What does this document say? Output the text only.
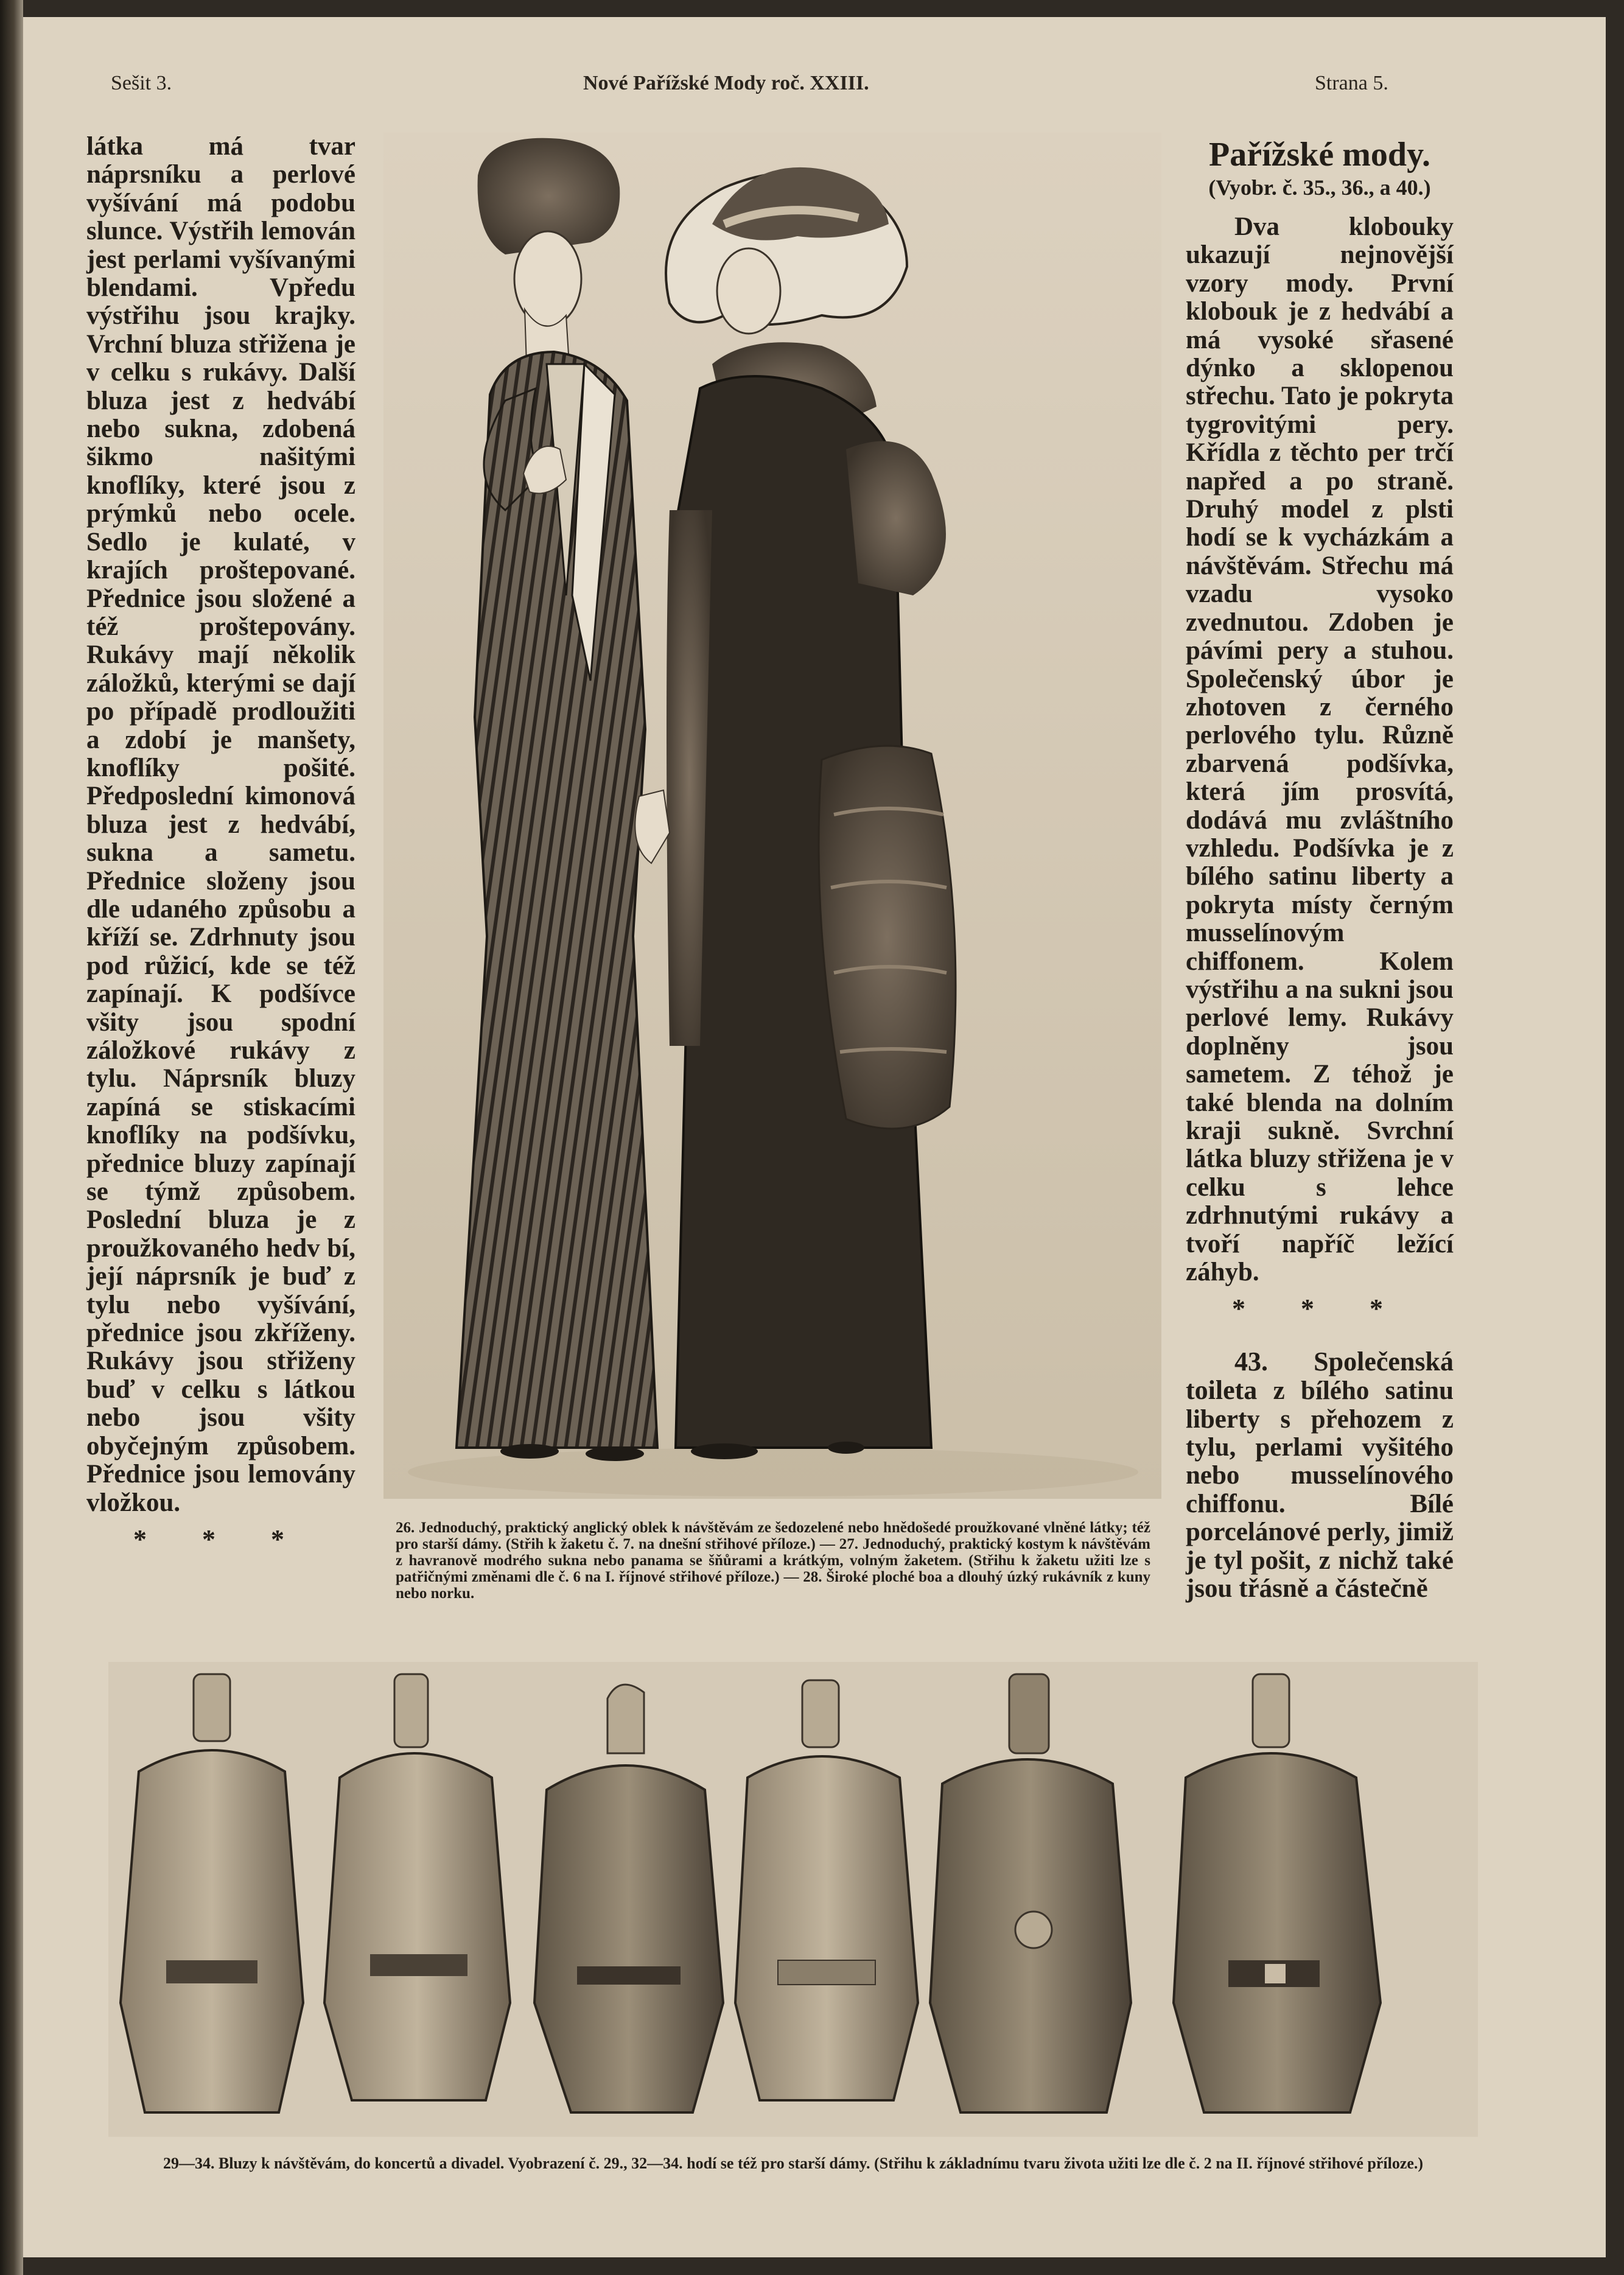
Sešit 3.	Nové Pařížské Mody roč. XXIII.	Strana 5.

látka má tvar náprsníku a perlové vyšívání má podobu slunce. Výstřih lemován jest perlami vyšívanými blendami. Vpředu výstřihu jsou krajky. Vrchní bluza střižena je v celku s rukávy. Další bluza jest z hedvábí nebo sukna, zdobená šikmo našitými knoflíky, které jsou z prýmků nebo ocele. Sedlo je kulaté, v krajích proštepované. Přednice jsou složené a též proštepovány. Rukávy mají několik záložků, kterými se dají po případě prodloužiti a zdobí je manšety, knoflíky pošité. Předposlední kimonová bluza jest z hedvábí, sukna a sametu. Přednice složeny jsou dle udaného způsobu a kříží se. Zdrhnuty jsou pod růžicí, kde se též zapínají. K podšívce všity jsou spodní záložkové rukávy z tylu. Náprsník bluzy zapíná se stiskacími knoflíky na podšívku, přednice bluzy zapínají se týmž způsobem. Poslední bluza je z proužkovaného hedv bí, její náprsník je buď z tylu nebo vyšívání, přednice jsou zkříženy. Rukávy jsou střiženy buď v celku s látkou nebo jsou všity obyčejným způsobem. Přednice jsou lemovány vložkou.

* * *	26. Jednoduchý, praktický anglický oblek k návštěvám ze šedozelené nebo hnědošedé proužkované vlněné látky; též pro starší dámy. (Střih k žaketu č. 7. na dnešní střihové příloze.) — 27. Jednoduchý, praktický kostym k návštěvám z havranově modrého sukna nebo panama se šňůrami a krátkým, volným žaketem. (Střihu k žaketu užiti lze s patřičnými změnami dle č. 6 na I. říjnové střihové příloze.) — 28. Široké ploché boa a dlouhý úzký rukávník z kuny nebo norku.
Pařížské mody.
(Vyobr. č. 35., 36., a 40.)

Dva klobouky ukazují nejnovější vzory mody. První klobouk je z hedvábí a má vysoké sřasené dýnko a sklopenou střechu. Tato je pokryta tygrovitými pery. Křídla z těchto per trčí napřed a po straně. Druhý model z plsti hodí se k vycházkám a návštěvám. Střechu má vzadu vysoko zvednutou. Zdoben je pávími pery a stuhou. Společenský úbor je zhotoven z černého perlového tylu. Různě zbarvená podšívka, která jím prosvítá, dodává mu zvláštního vzhledu. Podšívka je z bílého satinu liberty a pokryta místy černým musselínovým chiffonem. Kolem výstřihu a na sukni jsou perlové lemy. Rukávy doplněny jsou sametem. Z téhož je také blenda na dolním kraji sukně. Svrchní látka bluzy střižena je v celku s lehce zdrhnutými rukávy a tvoří napříč ležící záhyb.

* * *

43. Společenská toileta z bílého satinu liberty s přehozem z tylu, perlami vyšitého nebo musselínového chiffonu. Bílé porcelánové perly, jimiž je tyl pošit, z nichž také jsou třásně a částečně

29—34. Bluzy k návštěvám, do koncertů a divadel. Vyobrazení č. 29., 32—34. hodí se též pro starší dámy. (Střihu k základnímu tvaru života užiti lze dle č. 2 na II. říjnové střihové příloze.)
